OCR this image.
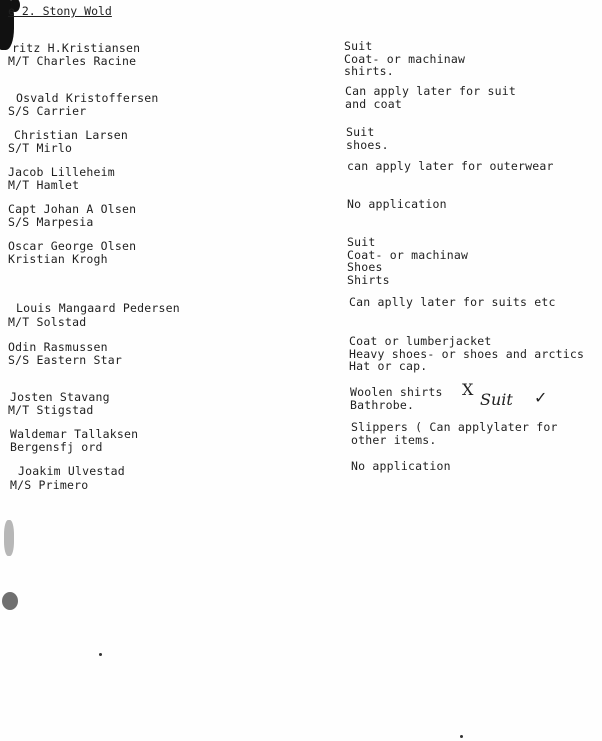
e 2. Stony Wold
ritz H.Kristiansen
M/T Charles Racine
Suit
Coat- or machinaw
shirts.
Osvald Kristoffersen
S/S Carrier
Can apply later for suit
and coat
Christian Larsen
S/T Mirlo
Suit
shoes.
Jacob Lilleheim
M/T Hamlet
can apply later for outerwear
Capt Johan A Olsen
S/S Marpesia
No application
Oscar George Olsen
Kristian Krogh
Suit
Coat- or machinaw
Shoes
Shirts
Louis Mangaard Pedersen
M/T Solstad
Can aplly later for suits etc
Odin Rasmussen
S/S Eastern Star
Coat or lumberjacket
Heavy shoes- or shoes and arctics
Hat or cap.
Josten Stavang
M/T Stigstad
Woolen shirts
Bathrobe.
X
Suit ✓
Waldemar Tallaksen
Bergensfj ord
Slippers ( Can applylater for
other items.
Joakim Ulvestad
M/S Primero
No application
